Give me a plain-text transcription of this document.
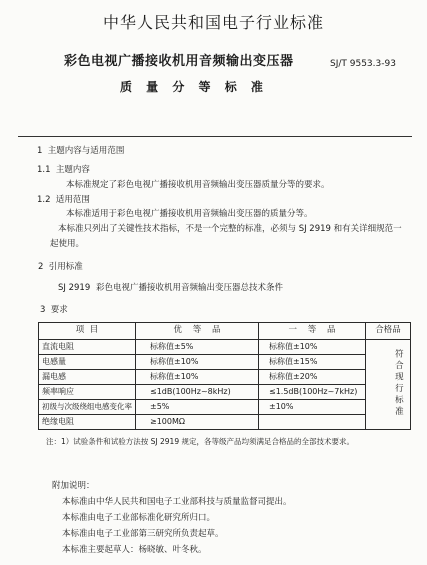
中华人民共和国电子行业标准
彩色电视广播接收机用音频输出变压器	SJ/T 9553.3-93
质 量 分 等 标 准
1  主题内容与适用范围
1.1  主题内容
本标准规定了彩色电视广播接收机用音频输出变压器质量分等的要求。
1.2  适用范围
本标准适用于彩色电视广播接收机用音频输出变压器的质量分等。
本标准只列出了关键性技术指标，不是一个完整的标准，必须与 SJ 2919 和有关详细规范一
起使用。
2  引用标准
SJ 2919 彩色电视广播接收机用音频输出变压器总技术条件
3  要求
项  目	优    等    品	一    等    品	合格品
直流电阻	标称值±5%	标称值±10%	符合现行标准

电感量	标称值±10%	标称值±15%	
漏电感	标称值±10%	标称值±20%	
频率响应	≤1dB(100Hz~8kHz)	≤1.5dB(100Hz~7kHz)	
初级与次级绕组电感变化率	±5%	±10%	
绝缘电阻	≥100MΩ		
注：1）试验条件和试验方法按 SJ 2919 规定，各等级产品均须满足合格品的全部技术要求。
附加说明：
本标准由中华人民共和国电子工业部科技与质量监督司提出。
本标准由电子工业部标准化研究所归口。
本标准由电子工业部第三研究所负责起草。
本标准主要起草人：杨晓敏、叶冬秋。
